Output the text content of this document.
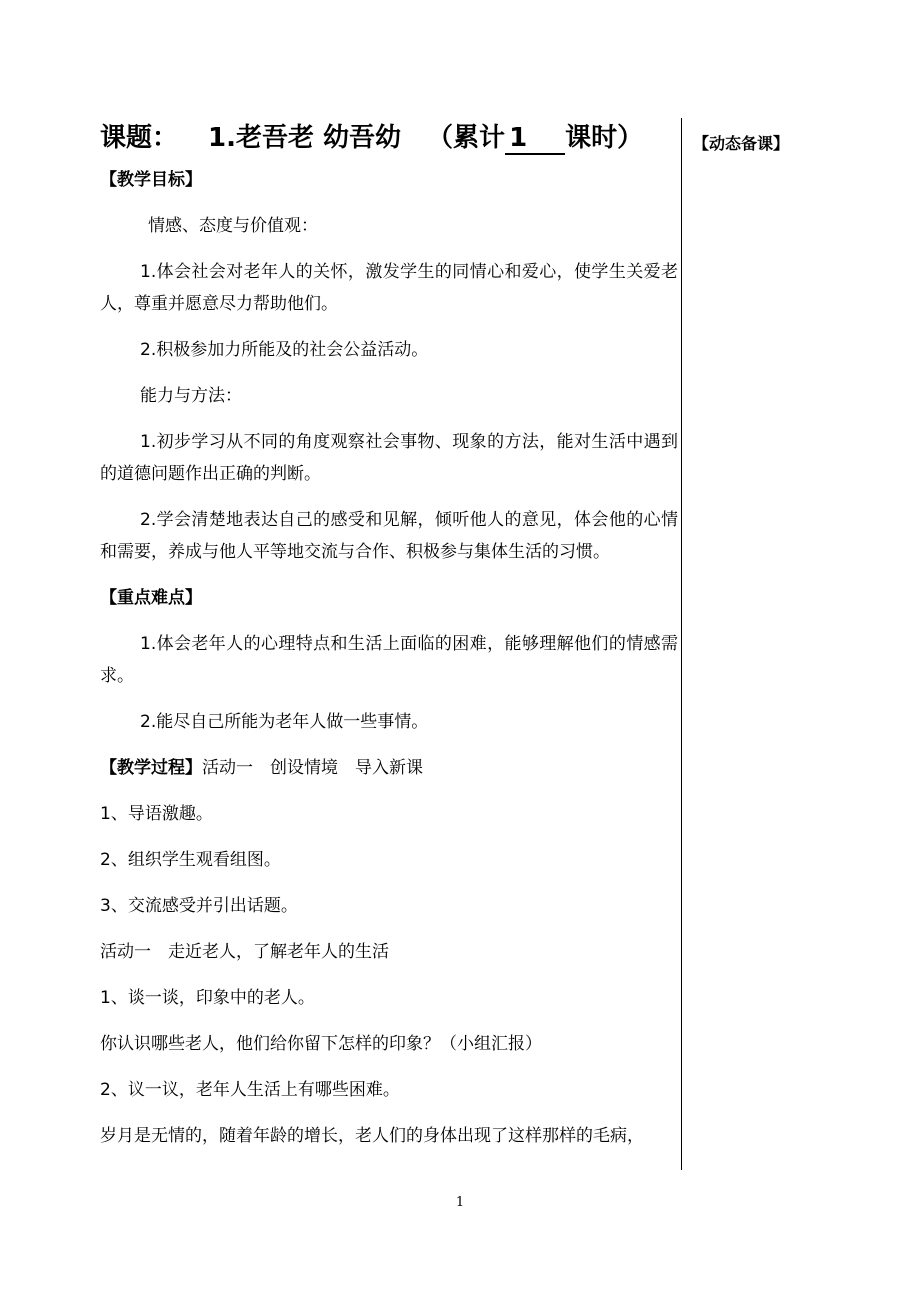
课题： 1.老吾老 幼吾幼 （累计 1 课时）

【教学目标】

情感、态度与价值观：

1.体会社会对老年人的关怀，激发学生的同情心和爱心，使学生关爱老人，尊重并愿意尽力帮助他们。

2.积极参加力所能及的社会公益活动。

能力与方法：

1.初步学习从不同的角度观察社会事物、现象的方法，能对生活中遇到的道德问题作出正确的判断。

2.学会清楚地表达自己的感受和见解，倾听他人的意见，体会他的心情和需要，养成与他人平等地交流与合作、积极参与集体生活的习惯。

【重点难点】

1.体会老年人的心理特点和生活上面临的困难，能够理解他们的情感需求。

2.能尽自己所能为老年人做一些事情。

【教学过程】活动一　创设情境　导入新课

1、导语激趣。

2、组织学生观看组图。

3、交流感受并引出话题。

活动一　走近老人，了解老年人的生活

1、谈一谈，印象中的老人。

你认识哪些老人，他们给你留下怎样的印象？（小组汇报）

2、议一议，老年人生活上有哪些困难。

岁月是无情的，随着年龄的增长，老人们的身体出现了这样那样的毛病，

【动态备课】
1
